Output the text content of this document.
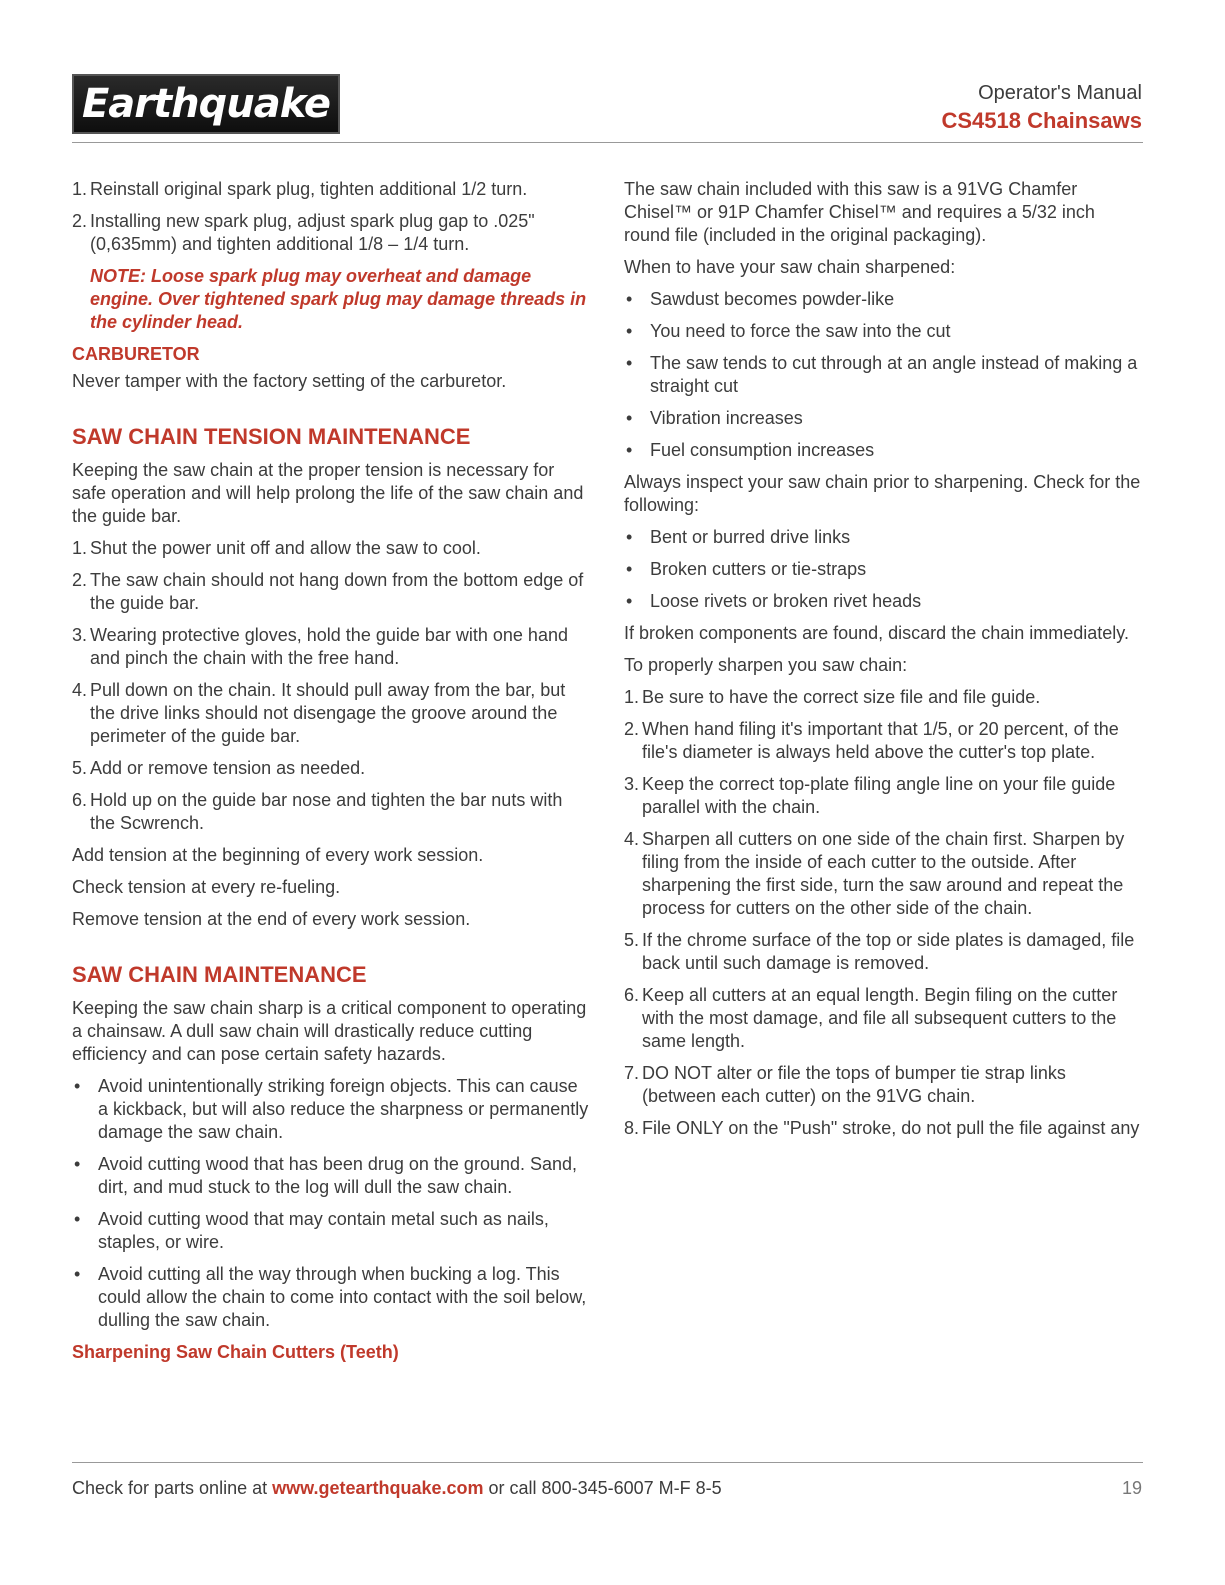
Earthquake	Operator's Manual
CS4518 Chainsaws
1. Reinstall original spark plug, tighten additional 1/2 turn.
2. Installing new spark plug, adjust spark plug gap to .025" (0,635mm) and tighten additional 1/8 – 1/4 turn.
NOTE: Loose spark plug may overheat and damage engine. Over tightened spark plug may damage threads in the cylinder head.
CARBURETOR
Never tamper with the factory setting of the carburetor.
SAW CHAIN TENSION MAINTENANCE
Keeping the saw chain at the proper tension is necessary for safe operation and will help prolong the life of the saw chain and the guide bar.
1. Shut the power unit off and allow the saw to cool.
2. The saw chain should not hang down from the bottom edge of the guide bar.
3. Wearing protective gloves, hold the guide bar with one hand and pinch the chain with the free hand.
4. Pull down on the chain. It should pull away from the bar, but the drive links should not disengage the groove around the perimeter of the guide bar.
5. Add or remove tension as needed.
6. Hold up on the guide bar nose and tighten the bar nuts with the Scwrench.
Add tension at the beginning of every work session.
Check tension at every re-fueling.
Remove tension at the end of every work session.
SAW CHAIN MAINTENANCE
Keeping the saw chain sharp is a critical component to operating a chainsaw. A dull saw chain will drastically reduce cutting efficiency and can pose certain safety hazards.
• Avoid unintentionally striking foreign objects. This can cause a kickback, but will also reduce the sharpness or permanently damage the saw chain.
• Avoid cutting wood that has been drug on the ground. Sand, dirt, and mud stuck to the log will dull the saw chain.
• Avoid cutting wood that may contain metal such as nails, staples, or wire.
• Avoid cutting all the way through when bucking a log. This could allow the chain to come into contact with the soil below, dulling the saw chain.
Sharpening Saw Chain Cutters (Teeth)
The saw chain included with this saw is a 91VG Chamfer Chisel™ or 91P Chamfer Chisel™ and requires a 5/32 inch round file (included in the original packaging).
When to have your saw chain sharpened:
• Sawdust becomes powder-like
• You need to force the saw into the cut
• The saw tends to cut through at an angle instead of making a straight cut
• Vibration increases
• Fuel consumption increases
Always inspect your saw chain prior to sharpening. Check for the following:
• Bent or burred drive links
• Broken cutters or tie-straps
• Loose rivets or broken rivet heads
If broken components are found, discard the chain immediately.
To properly sharpen you saw chain:
1. Be sure to have the correct size file and file guide.
2. When hand filing it's important that 1/5, or 20 percent, of the file's diameter is always held above the cutter's top plate.
3. Keep the correct top-plate filing angle line on your file guide parallel with the chain.
4. Sharpen all cutters on one side of the chain first. Sharpen by filing from the inside of each cutter to the outside. After sharpening the first side, turn the saw around and repeat the process for cutters on the other side of the chain.
5. If the chrome surface of the top or side plates is damaged, file back until such damage is removed.
6. Keep all cutters at an equal length. Begin filing on the cutter with the most damage, and file all subsequent cutters to the same length.
7. DO NOT alter or file the tops of bumper tie strap links (between each cutter) on the 91VG chain.
8. File ONLY on the "Push" stroke, do not pull the file against any
Check for parts online at www.getearthquake.com or call 800-345-6007 M-F 8-5	19
